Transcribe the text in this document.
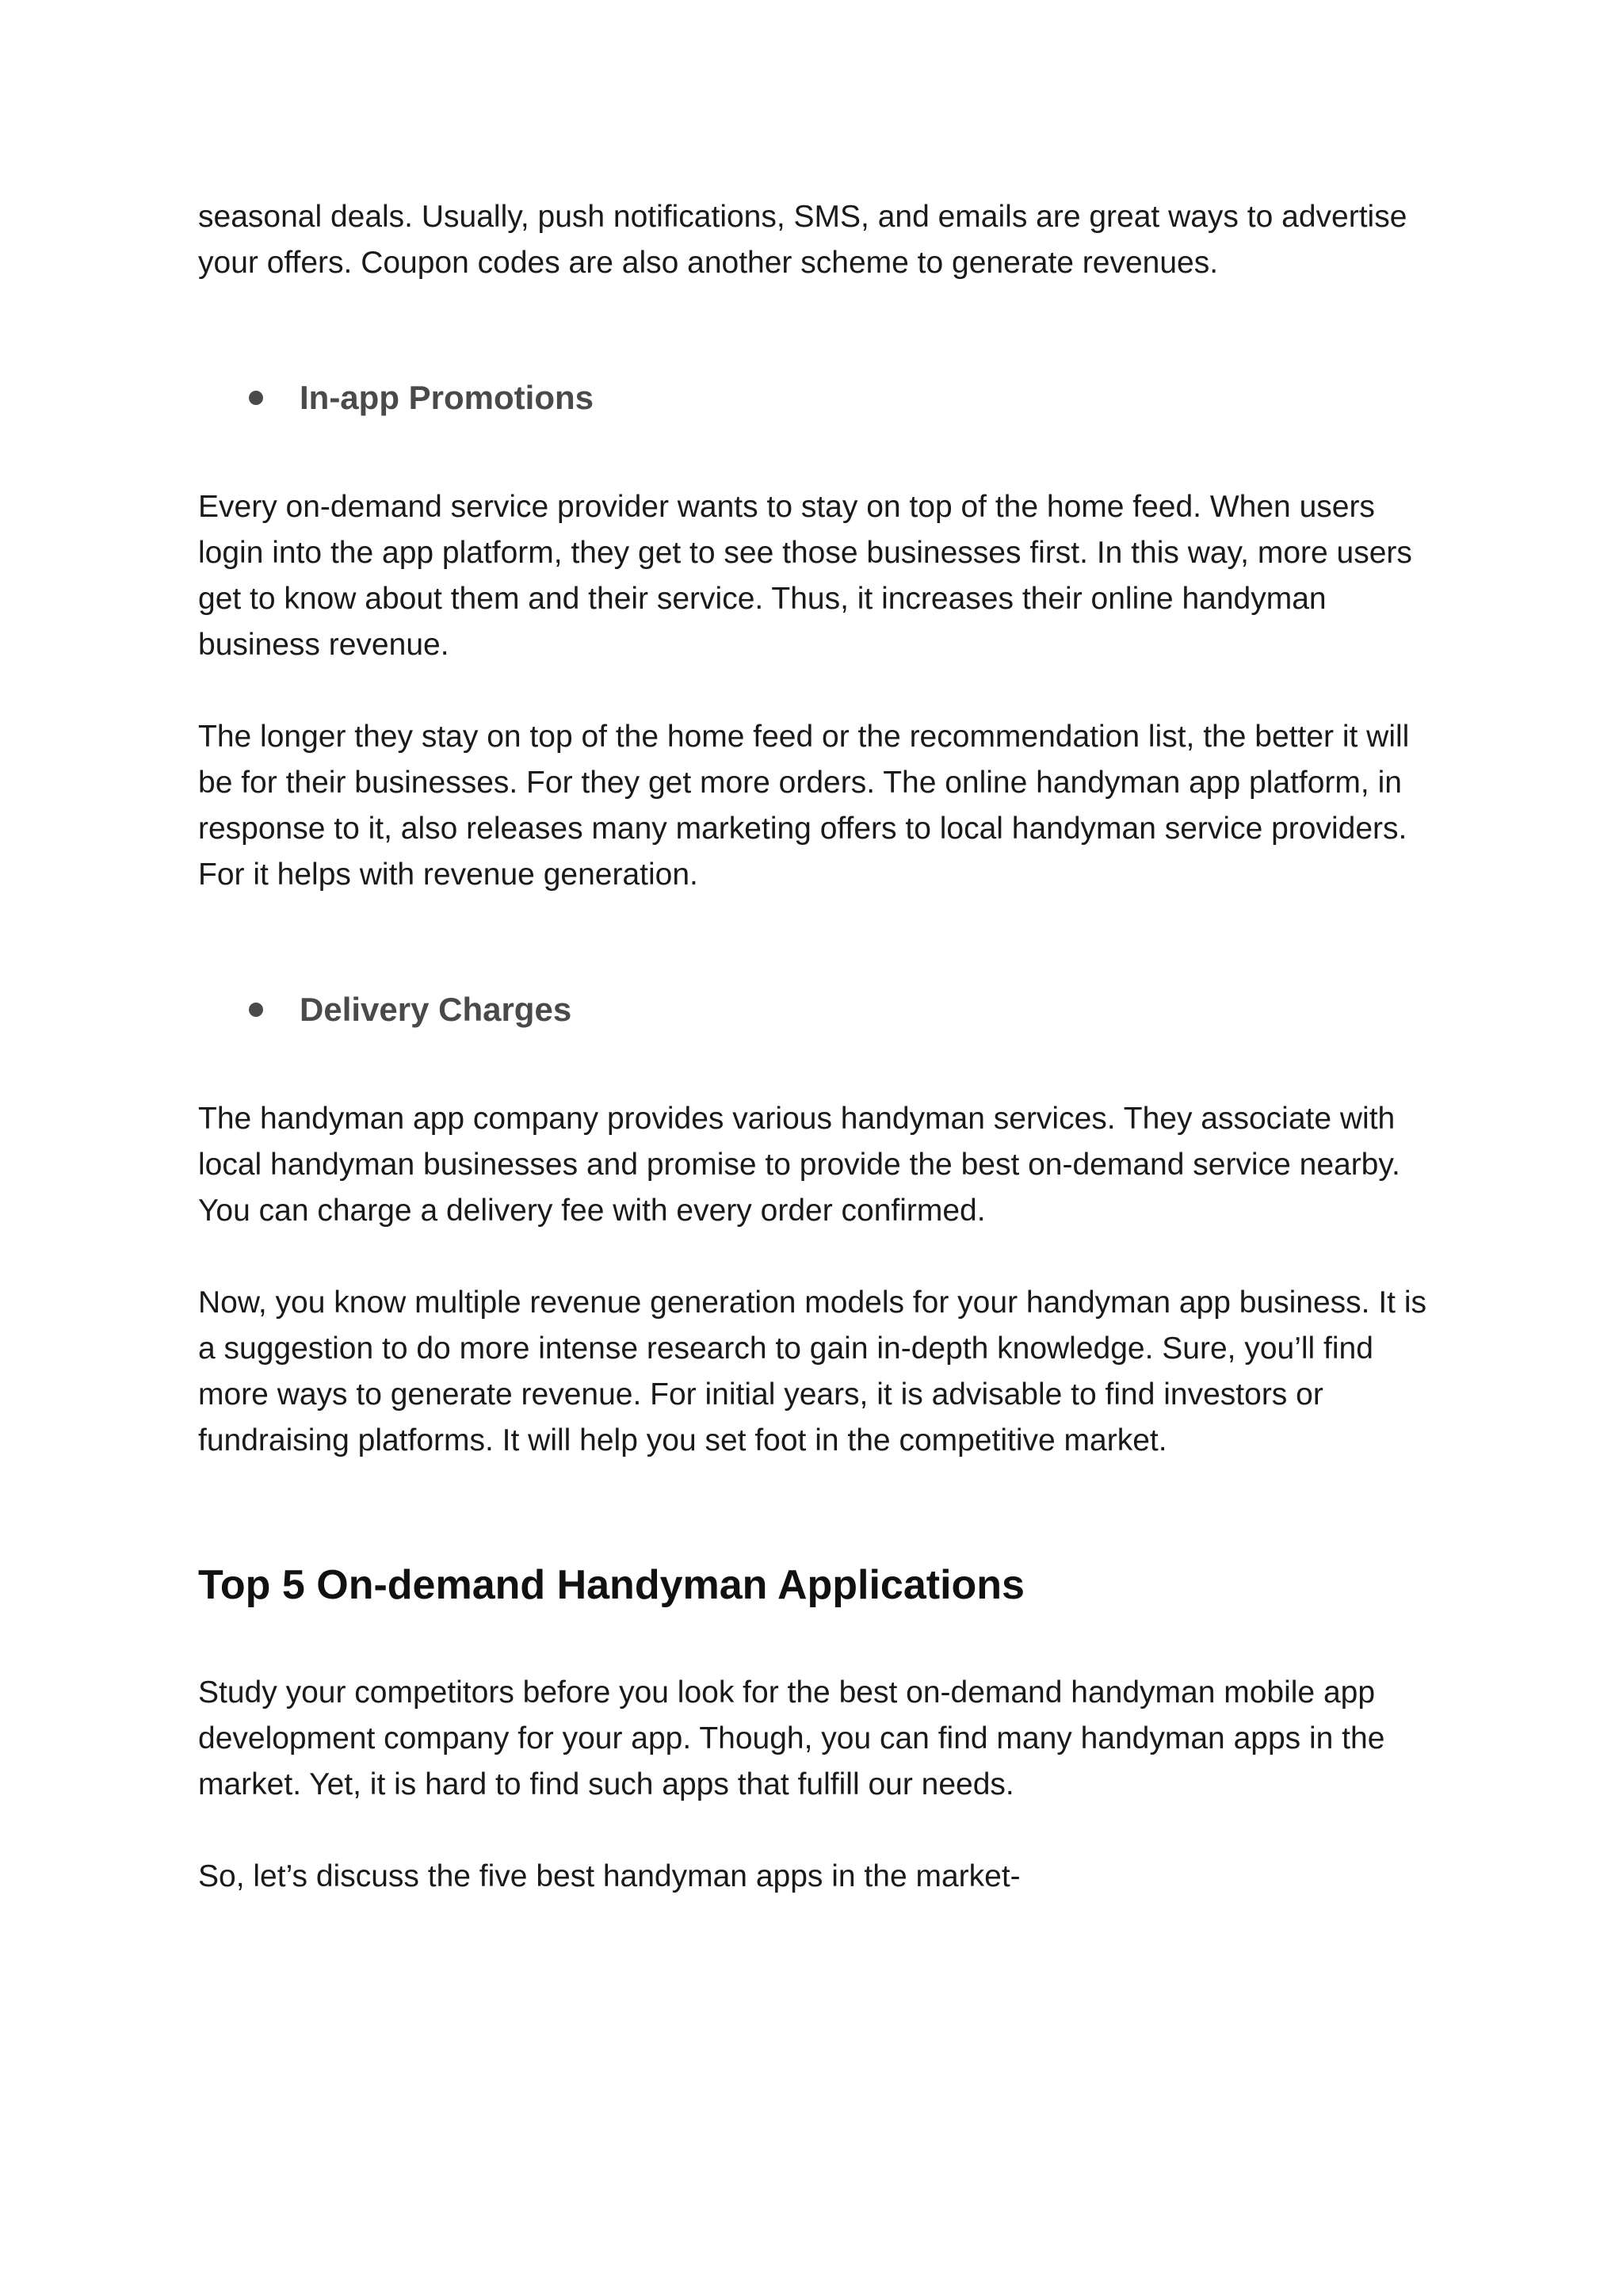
seasonal deals. Usually, push notifications, SMS, and emails are great ways to advertise your offers. Coupon codes are also another scheme to generate revenues.

In-app Promotions

Every on-demand service provider wants to stay on top of the home feed. When users login into the app platform, they get to see those businesses first. In this way, more users get to know about them and their service. Thus, it increases their online handyman business revenue.

The longer they stay on top of the home feed or the recommendation list, the better it will be for their businesses. For they get more orders. The online handyman app platform, in response to it, also releases many marketing offers to local handyman service providers. For it helps with revenue generation.

Delivery Charges

The handyman app company provides various handyman services. They associate with local handyman businesses and promise to provide the best on-demand service nearby. You can charge a delivery fee with every order confirmed.

Now, you know multiple revenue generation models for your handyman app business. It is a suggestion to do more intense research to gain in-depth knowledge. Sure, you’ll find more ways to generate revenue. For initial years, it is advisable to find investors or fundraising platforms. It will help you set foot in the competitive market.

Top 5 On-demand Handyman Applications

Study your competitors before you look for the best on-demand handyman mobile app development company for your app. Though, you can find many handyman apps in the market. Yet, it is hard to find such apps that fulfill our needs.

So, let’s discuss the five best handyman apps in the market-
